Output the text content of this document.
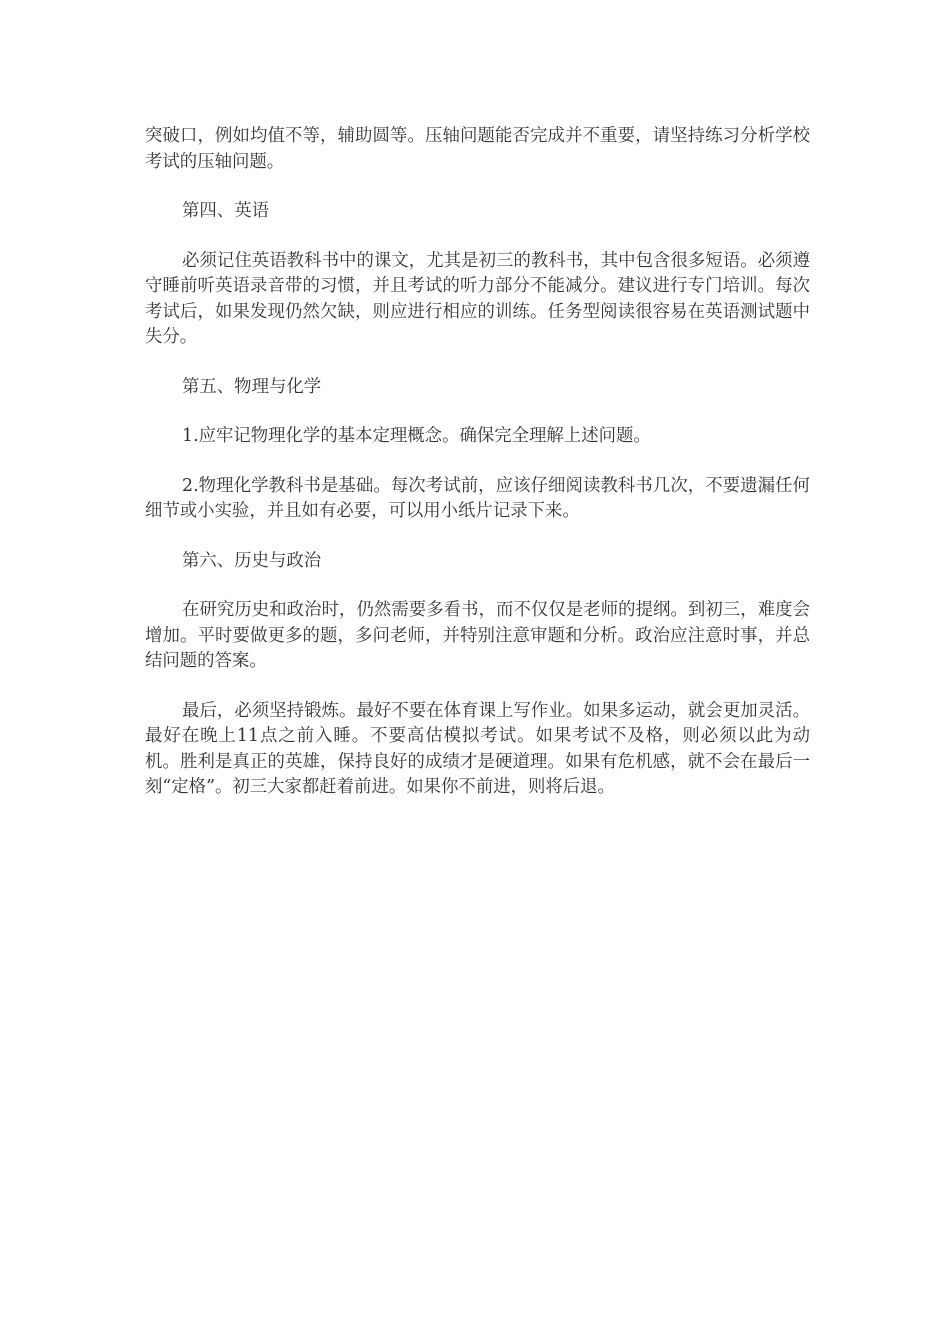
突破口，例如均值不等，辅助圆等。压轴问题能否完成并不重要，请坚持练习分析学校考试的压轴问题。

第四、英语

必须记住英语教科书中的课文，尤其是初三的教科书，其中包含很多短语。必须遵守睡前听英语录音带的习惯，并且考试的听力部分不能减分。建议进行专门培训。每次考试后，如果发现仍然欠缺，则应进行相应的训练。任务型阅读很容易在英语测试题中失分。

第五、物理与化学

1.应牢记物理化学的基本定理概念。确保完全理解上述问题。

2.物理化学教科书是基础。每次考试前，应该仔细阅读教科书几次，不要遗漏任何细节或小实验，并且如有必要，可以用小纸片记录下来。

第六、历史与政治

在研究历史和政治时，仍然需要多看书，而不仅仅是老师的提纲。到初三，难度会增加。平时要做更多的题，多问老师，并特别注意审题和分析。政治应注意时事，并总结问题的答案。

最后，必须坚持锻炼。最好不要在体育课上写作业。如果多运动，就会更加灵活。最好在晚上11点之前入睡。不要高估模拟考试。如果考试不及格，则必须以此为动机。胜利是真正的英雄，保持良好的成绩才是硬道理。如果有危机感，就不会在最后一刻“定格”。初三大家都赶着前进。如果你不前进，则将后退。
